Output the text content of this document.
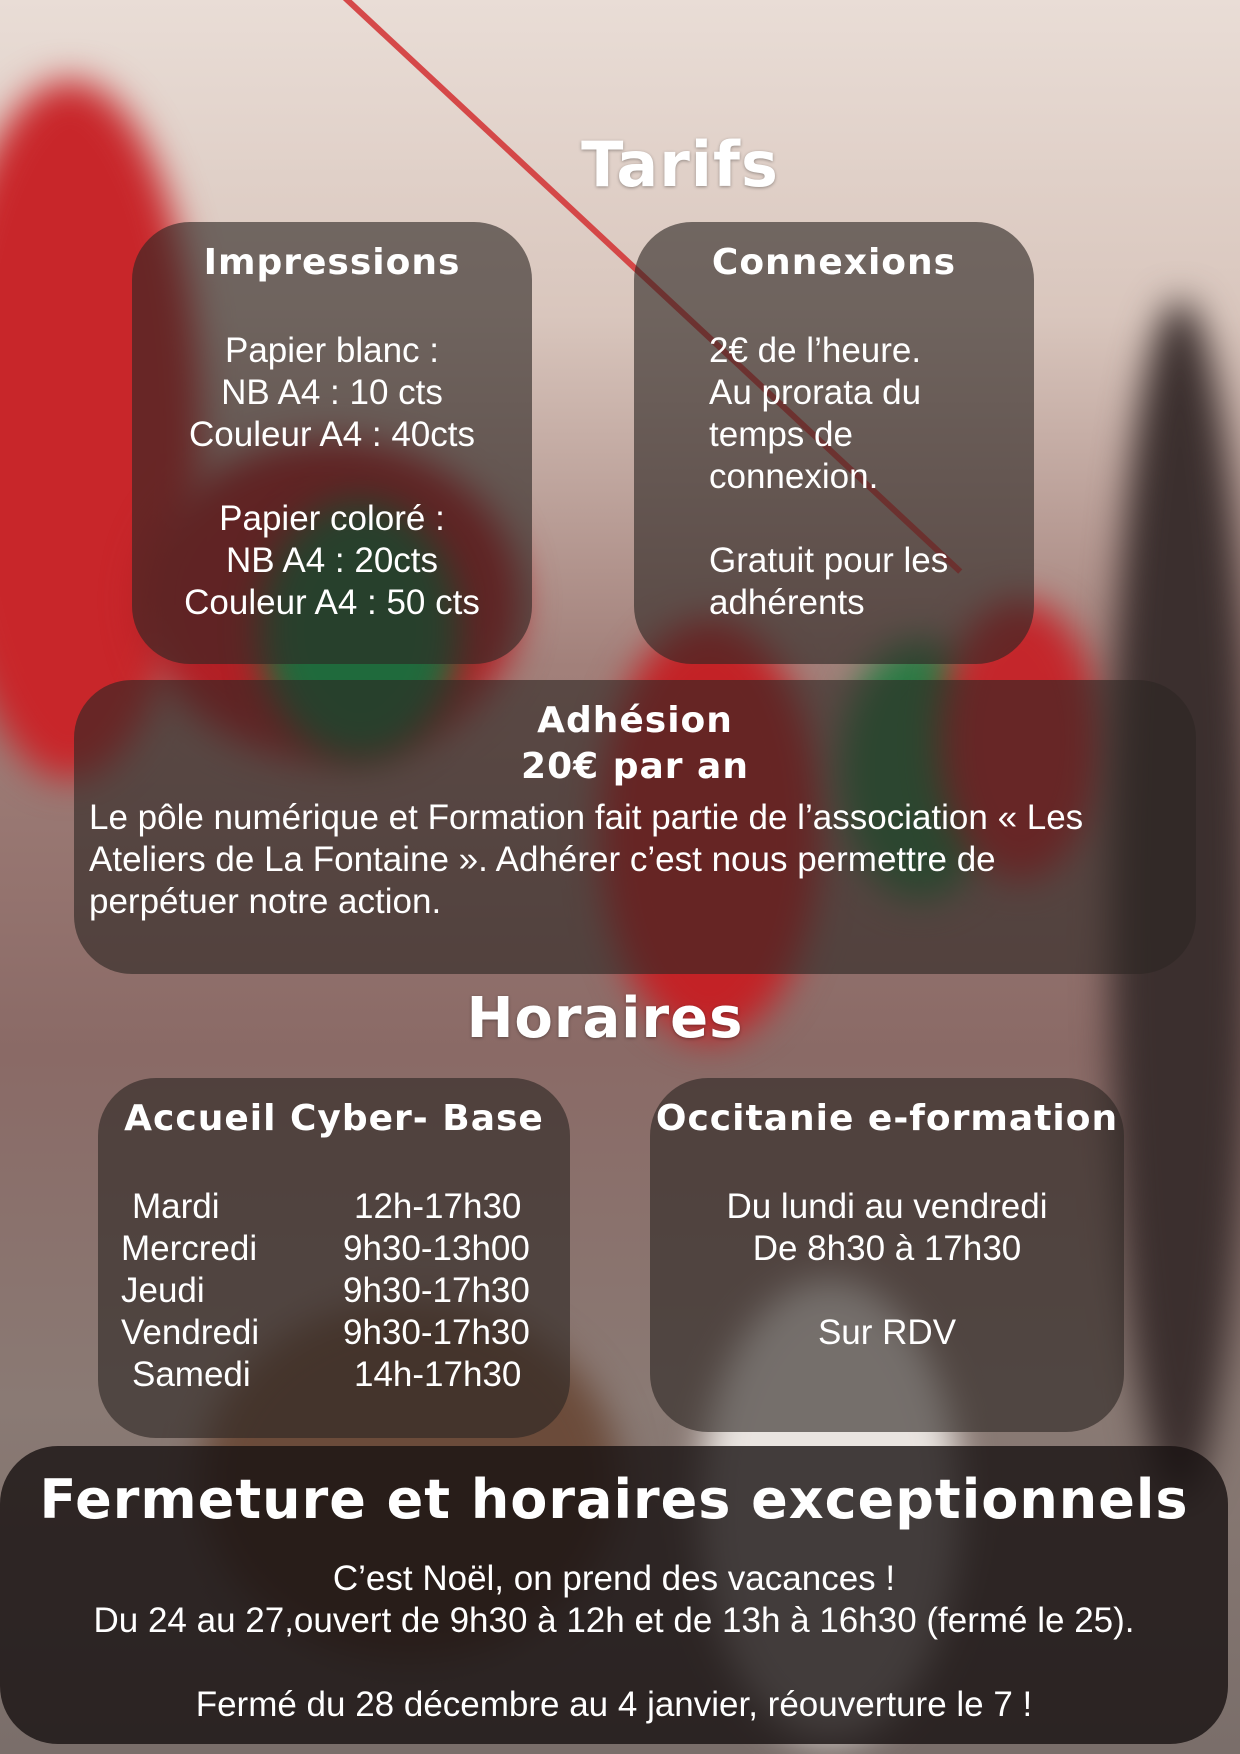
Tarifs
Impressions
Papier blanc :
NB A4 : 10 cts
Couleur A4 : 40cts
Papier coloré :
NB A4 : 20cts
Couleur A4 : 50 cts
Connexions
2€ de l’heure.
Au prorata du
temps de
connexion.
Gratuit pour les
adhérents
Adhésion
20€ par an
Le pôle numérique et Formation fait partie de l’association « Les
Ateliers de La Fontaine ». Adhérer c’est nous permettre de
perpétuer notre action.
Horaires
Accueil Cyber- Base
Mardi	12h-17h30
Mercredi 9h30-13h00
Jeudi	9h30-17h30
Vendredi 9h30-17h30
Samedi	14h-17h30
Occitanie e-formation
Du lundi au vendredi
De 8h30 à 17h30
Sur RDV
Fermeture et horaires exceptionnels
C’est Noël, on prend des vacances !
Du 24 au 27,ouvert de 9h30 à 12h et de 13h à 16h30 (fermé le 25).
Fermé du 28 décembre au 4 janvier, réouverture le 7 !
